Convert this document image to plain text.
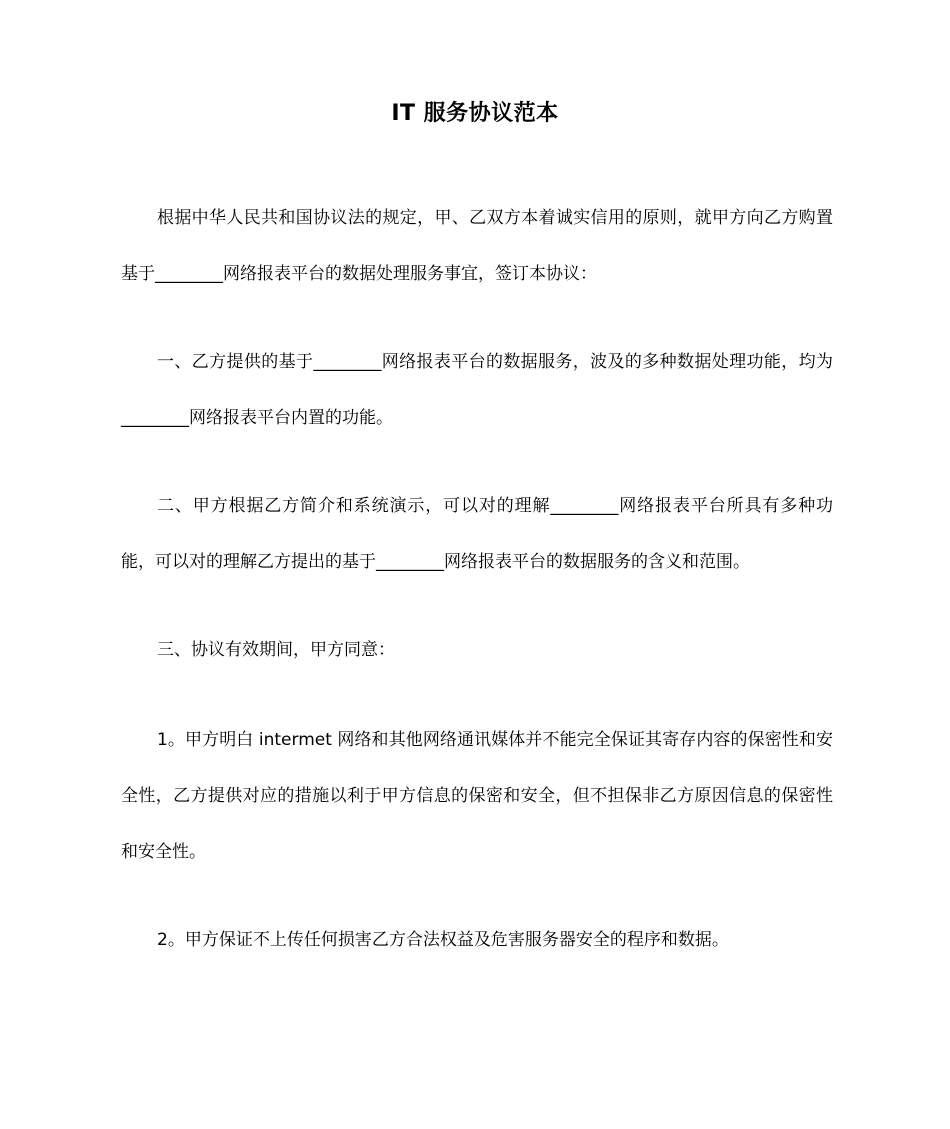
IT 服务协议范本

根据中华人民共和国协议法的规定，甲、乙双方本着诚实信用的原则，就甲方向乙方购置基于________网络报表平台的数据处理服务事宜，签订本协议：

一、乙方提供的基于________网络报表平台的数据服务，波及的多种数据处理功能，均为________网络报表平台内置的功能。

二、甲方根据乙方简介和系统演示，可以对的理解________网络报表平台所具有多种功能，可以对的理解乙方提出的基于________网络报表平台的数据服务的含义和范围。

三、协议有效期间，甲方同意：

1。甲方明白 intermet 网络和其他网络通讯媒体并不能完全保证其寄存内容的保密性和安全性，乙方提供对应的措施以利于甲方信息的保密和安全，但不担保非乙方原因信息的保密性和安全性。

2。甲方保证不上传任何损害乙方合法权益及危害服务器安全的程序和数据。
